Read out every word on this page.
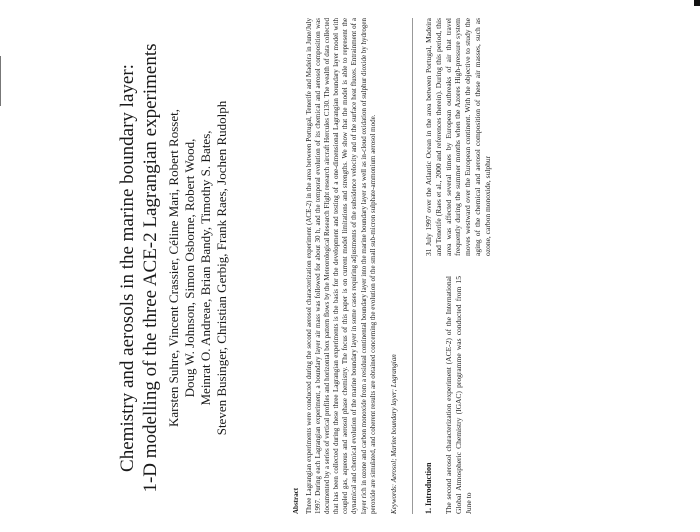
Chemistry and aerosols in the marine boundary layer: 1-D modelling of the three ACE-2 Lagrangian experiments Karsten Suhre, Vincent Crassier, Céline Mari, Robert Rosset,
Doug W. Johnson, Simon Osborne, Robert Wood,
Meinrat O. Andreae, Brian Bandy, Timothy S. Bates,
Steven Businger, Christian Gerbig, Frank Raes, Jochen Rudolph

Abstract Three Lagrangian experiments were conducted during the second aerosol characterization experiment (ACE-2) in the area between Portugal, Tenerife and Madeira in June/July 1997. During each Lagrangian experiment, a boundary layer air mass was followed for about 30 h, and the temporal evolution of its chemical and aerosol composition was documented by a series of vertical profiles and horizontal box pattern flows by the Meteorological Research Flight research aircraft Hercules C130. The wealth of data collected that has been collected during these three Lagrangian experiments is the basis for the development and testing of a one-dimensional Lagrangian boundary layer model with coupled gas, aqueous and aerosol phase chemistry. The focus of this paper is on current model limitations and strengths. We show that the model is able to represent the dynamical and chemical evolution of the marine boundary layer in some cases requiring adjustments of the subsidence velocity and of the surface heat fluxes. Entrainment of a layer rich in ozone and carbon monoxide from a residual continental boundary layer into the marine boundary layer as well as in-cloud oxidation of sulphur dioxide by hydrogen peroxide are simulated, and coherent results are obtained concerning the evolution of the small sub-micron sulphate-ammonium aerosol mode. Keywords: Aerosol; Marine boundary layer; Lagrangian	1. Introduction The second aerosol characterization experiment (ACE-2) of the International Global Atmospheric Chemistry (IGAC) programme was conducted from 15 June to

31 July 1997 over the Atlantic Ocean in the area between Portugal, Madeira and Tenerife (Raes et al., 2000 and references therein). During this period, this area was affected several times by European outbreaks of air that travel frequently during the summer months when the Azores High-pressure system moves westward over the European continent. With the objective to study the aging of the chemical and aerosol composition of these air masses, such as ozone, carbon monoxide, sulphur
